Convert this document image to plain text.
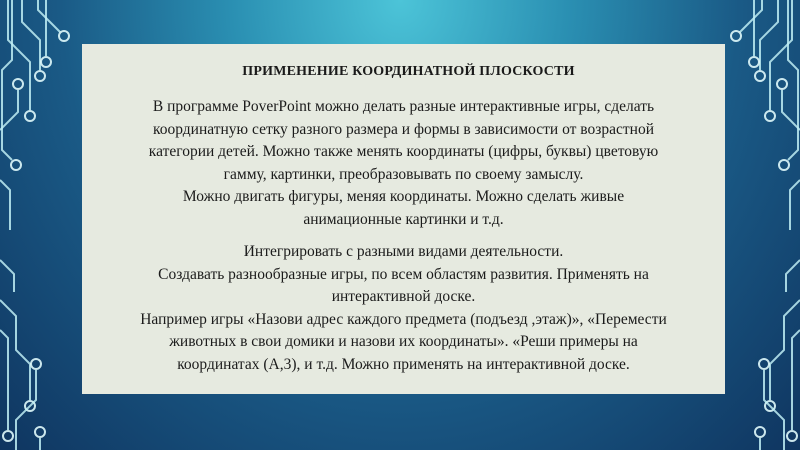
ПРИМЕНЕНИЕ КООРДИНАТНОЙ ПЛОСКОСТИ

В программе PoverPoint можно делать разные интерактивные игры, сделать
координатную сетку разного размера и формы в зависимости от возрастной
категории детей. Можно также менять координаты (цифры, буквы) цветовую
гамму, картинки, преобразовывать по своему замыслу.
Можно двигать фигуры, меняя координаты. Можно сделать живые
анимационные картинки и т.д.

Интегрировать с разными видами деятельности.
Создавать разнообразные игры, по всем областям развития. Применять на
интерактивной доске.
Например игры «Назови адрес каждого предмета (подъезд ,этаж)», «Перемести
животных в свои домики и назови их координаты». «Реши примеры на
координатах (А,3), и т.д. Можно применять на интерактивной доске.
